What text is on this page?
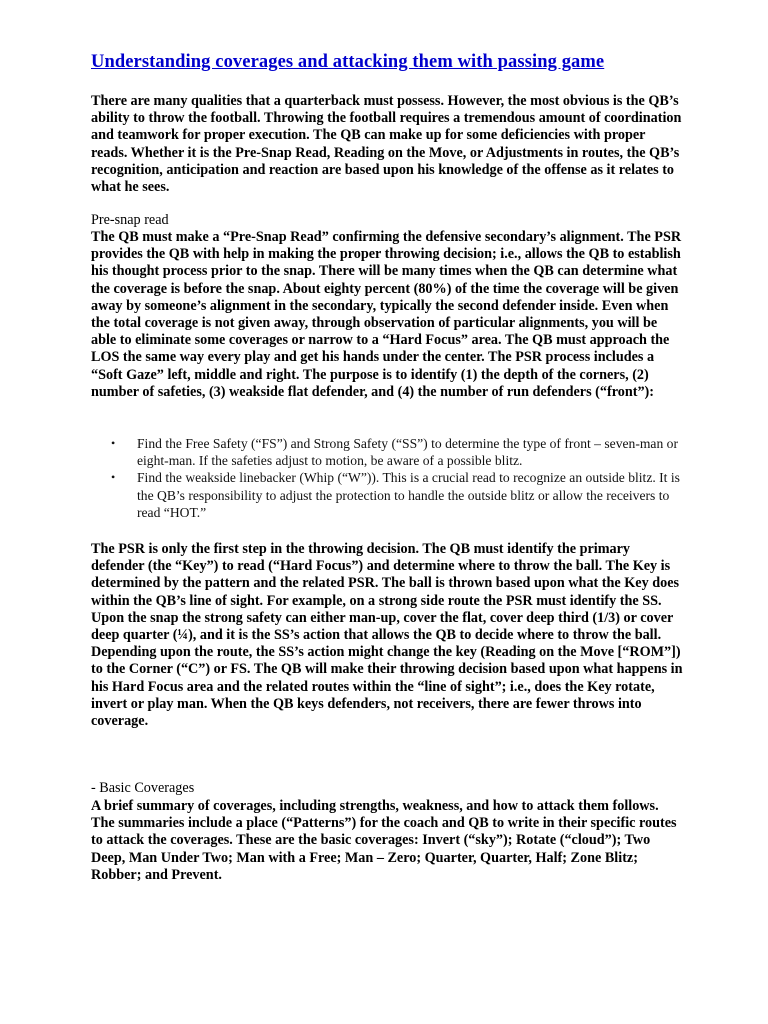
Understanding coverages and attacking them with passing game

There are many qualities that a quarterback must possess. However, the most obvious is the QB’s ability to throw the football. Throwing the football requires a tremendous amount of coordination and teamwork for proper execution. The QB can make up for some deficiencies with proper reads. Whether it is the Pre-Snap Read, Reading on the Move, or Adjustments in routes, the QB’s recognition, anticipation and reaction are based upon his knowledge of the offense as it relates to what he sees.

Pre-snap read

The QB must make a “Pre-Snap Read” confirming the defensive secondary’s alignment. The PSR provides the QB with help in making the proper throwing decision; i.e., allows the QB to establish his thought process prior to the snap. There will be many times when the QB can determine what the coverage is before the snap. About eighty percent (80%) of the time the coverage will be given away by someone’s alignment in the secondary, typically the second defender inside. Even when the total coverage is not given away, through observation of particular alignments, you will be able to eliminate some coverages or narrow to a “Hard Focus” area. The QB must approach the LOS the same way every play and get his hands under the center. The PSR process includes a “Soft Gaze” left, middle and right. The purpose is to identify (1) the depth of the corners, (2) number of safeties, (3) weakside flat defender, and (4) the number of run defenders (“front”):

• Find the Free Safety (“FS”) and Strong Safety (“SS”) to determine the type of front – seven-man or eight-man. If the safeties adjust to motion, be aware of a possible blitz.
• Find the weakside linebacker (Whip (“W”)). This is a crucial read to recognize an outside blitz. It is the QB’s responsibility to adjust the protection to handle the outside blitz or allow the receivers to read “HOT.”

The PSR is only the first step in the throwing decision. The QB must identify the primary defender (the “Key”) to read (“Hard Focus”) and determine where to throw the ball. The Key is determined by the pattern and the related PSR. The ball is thrown based upon what the Key does within the QB’s line of sight. For example, on a strong side route the PSR must identify the SS. Upon the snap the strong safety can either man-up, cover the flat, cover deep third (1/3) or cover deep quarter (¼), and it is the SS’s action that allows the QB to decide where to throw the ball. Depending upon the route, the SS’s action might change the key (Reading on the Move [“ROM”]) to the Corner (“C”) or FS. The QB will make their throwing decision based upon what happens in his Hard Focus area and the related routes within the “line of sight”; i.e., does the Key rotate, invert or play man. When the QB keys defenders, not receivers, there are fewer throws into coverage.

- Basic Coverages

A brief summary of coverages, including strengths, weakness, and how to attack them follows. The summaries include a place (“Patterns”) for the coach and QB to write in their specific routes to attack the coverages. These are the basic coverages: Invert (“sky”); Rotate (“cloud”); Two Deep, Man Under Two; Man with a Free; Man – Zero; Quarter, Quarter, Half; Zone Blitz; Robber; and Prevent.
